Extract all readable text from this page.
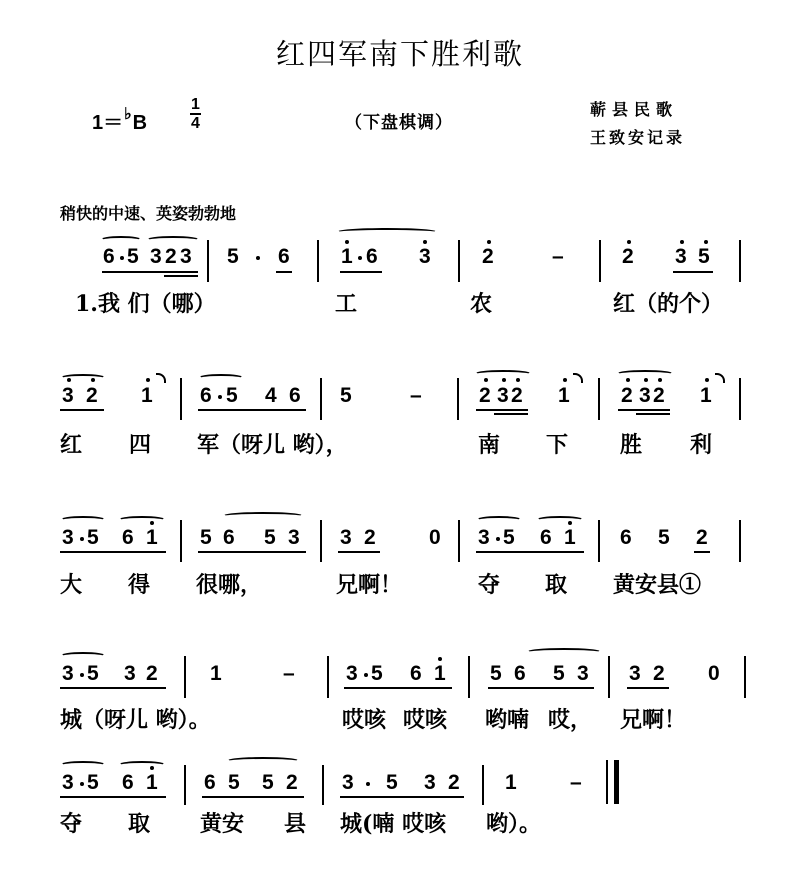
红四军南下胜利歌
1＝♭B
1
4	（下盘棋调）
蕲县民歌
王致安记录
稍快的中速、英姿勃勃地
6 5 3 2 3 5 6 1 6 3 2	–	2 3 5
1.我 们（哪）	工	农	红（的个）
3 2 1 6 5 4 6 5	–	2 3 2 1 2 3 2 1
红 四 军（呀儿 哟），	南 下 胜 利
3 5 6 1 5 6 5 3 3 2	0 3 5 6 1 6 5 2
大 得 很哪，	兄啊！	夺 取 黄安县①
3 5 3 2 1	– 3 5 6 1 5 6 5 3 3 2 0
城（呀儿 哟）。	哎咳 哎咳 哟喃 哎， 兄啊！
3 5 6 1 6 5 5 2 3 5 3 2 1	–
夺 取 黄安 县 城(喃 哎咳 哟）。
